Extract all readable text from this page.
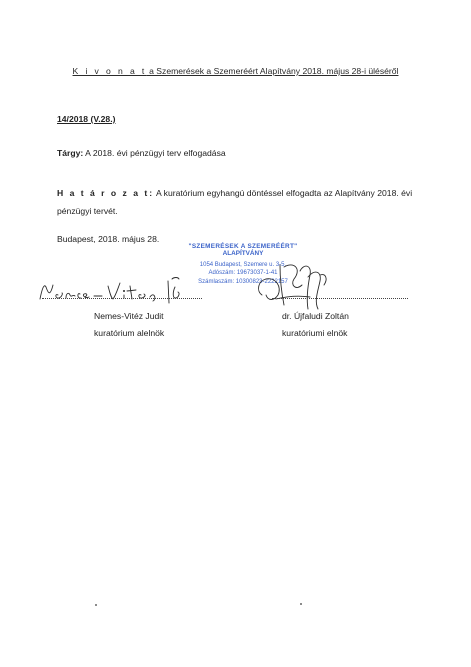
K i v o n a t a Szemerések a Szemeréért Alapítvány 2018. május 28-i üléséről
14/2018 (V.28.)
Tárgy: A 2018. évi pénzügyi terv elfogadása
H a t á r o z a t: A kuratórium egyhangú döntéssel elfogadta az Alapítvány 2018. évi pénzügyi tervét.
Budapest, 2018. május 28.
"SZEMERÉSEK A SZEMERÉÉRT"
ALAPÍTVÁNY
1054 Budapest, Szemere u. 3-5.
Adószám: 19673037-1-41
Számlaszám: 10300823-2222157
Nemes-Vitéz Judit
kuratórium alelnök
dr. Újfaludi Zoltán
kuratóriumi elnök
